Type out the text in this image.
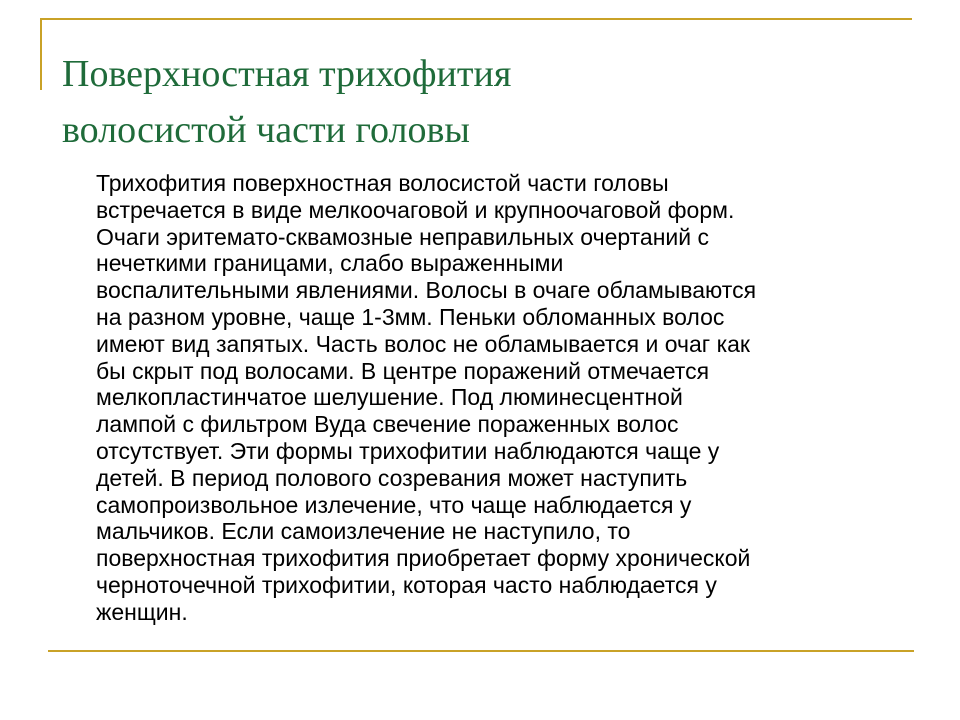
Поверхностная трихофития
волосистой части головы
Трихофития поверхностная волосистой части головы
встречается в виде мелкоочаговой и крупноочаговой форм.
Очаги эритемато-сквамозные неправильных очертаний с
нечеткими границами, слабо выраженными
воспалительными явлениями. Волосы в очаге обламываются
на разном уровне, чаще 1-3мм. Пеньки обломанных волос
имеют вид запятых. Часть волос не обламывается и очаг как
бы скрыт под волосами. В центре поражений отмечается
мелкопластинчатое шелушение. Под люминесцентной
лампой с фильтром Вуда свечение пораженных волос
отсутствует. Эти формы трихофитии наблюдаются чаще у
детей. В период полового созревания может наступить
самопроизвольное излечение, что чаще наблюдается у
мальчиков. Если самоизлечение не наступило, то
поверхностная трихофития приобретает форму хронической
черноточечной трихофитии, которая часто наблюдается у
женщин.
